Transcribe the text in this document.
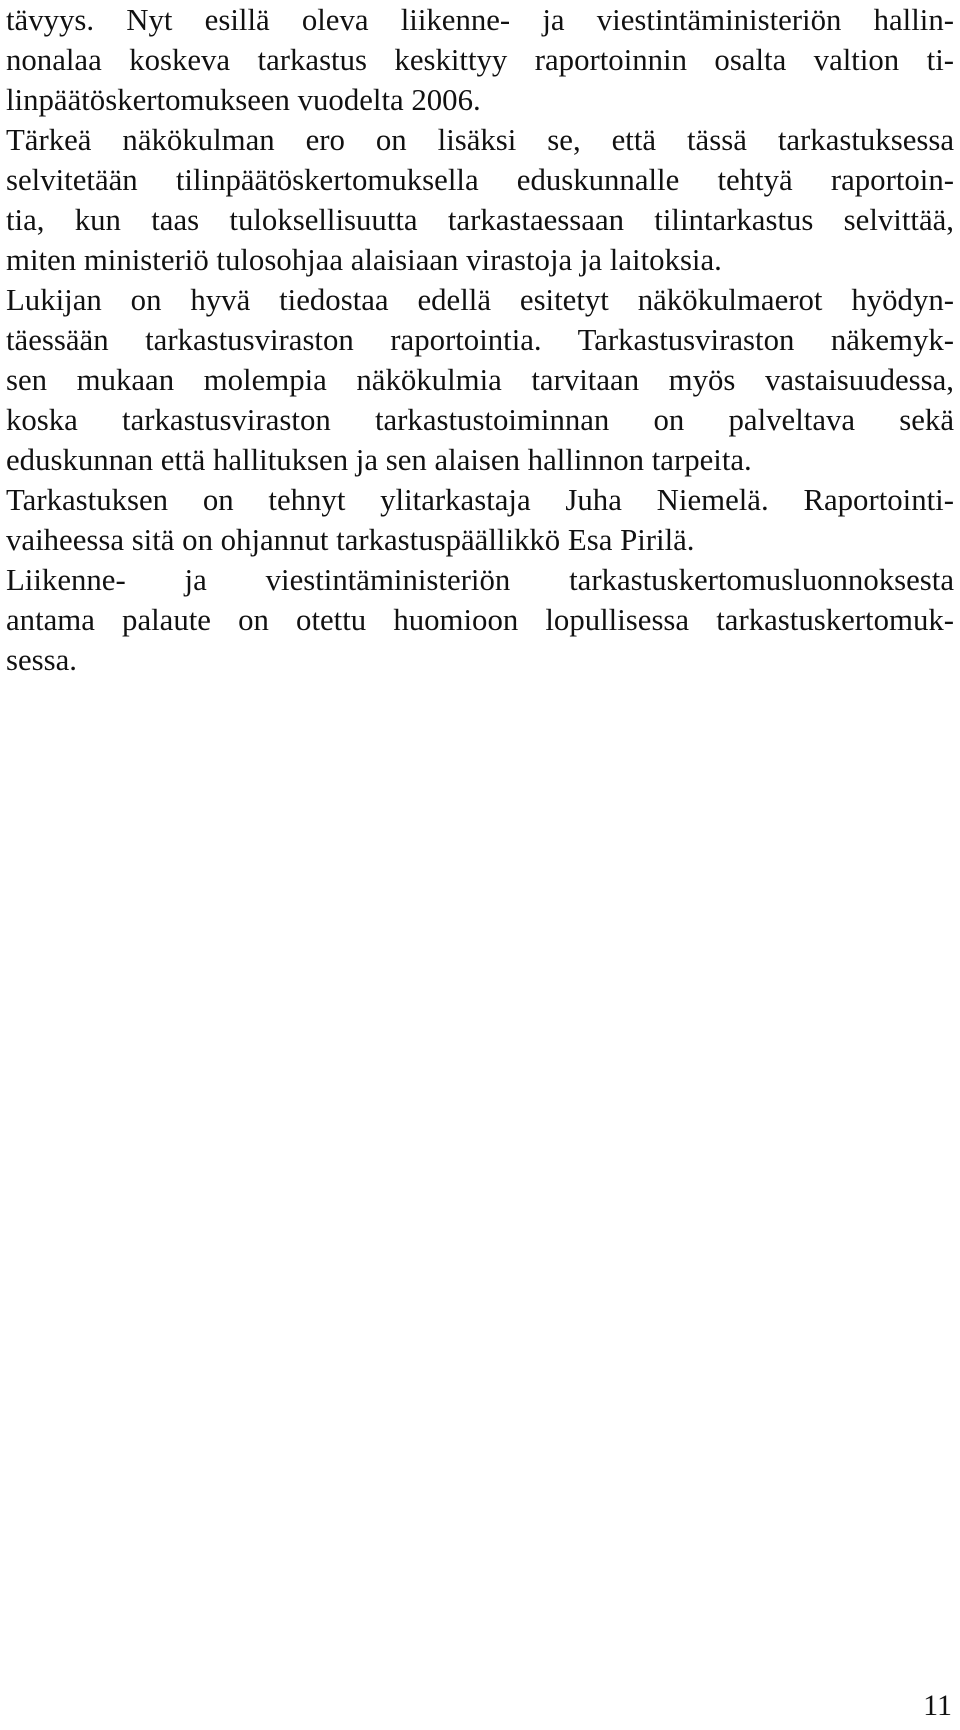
tävyys. Nyt esillä oleva liikenne- ja viestintäministeriön hallin-
nonalaa koskeva tarkastus keskittyy raportoinnin osalta valtion ti-
linpäätöskertomukseen vuodelta 2006.
Tärkeä näkökulman ero on lisäksi se, että tässä tarkastuksessa
selvitetään tilinpäätöskertomuksella eduskunnalle tehtyä raportoin-
tia, kun taas tuloksellisuutta tarkastaessaan tilintarkastus selvittää,
miten ministeriö tulosohjaa alaisiaan virastoja ja laitoksia.
Lukijan on hyvä tiedostaa edellä esitetyt näkökulmaerot hyödyn-
täessään tarkastusviraston raportointia. Tarkastusviraston näkemyk-
sen mukaan molempia näkökulmia tarvitaan myös vastaisuudessa,
koska tarkastusviraston tarkastustoiminnan on palveltava sekä
eduskunnan että hallituksen ja sen alaisen hallinnon tarpeita.
Tarkastuksen on tehnyt ylitarkastaja Juha Niemelä. Raportointi-
vaiheessa sitä on ohjannut tarkastuspäällikkö Esa Pirilä.
Liikenne- ja viestintäministeriön tarkastuskertomusluonnoksesta
antama palaute on otettu huomioon lopullisessa tarkastuskertomuk-
sessa.
11
